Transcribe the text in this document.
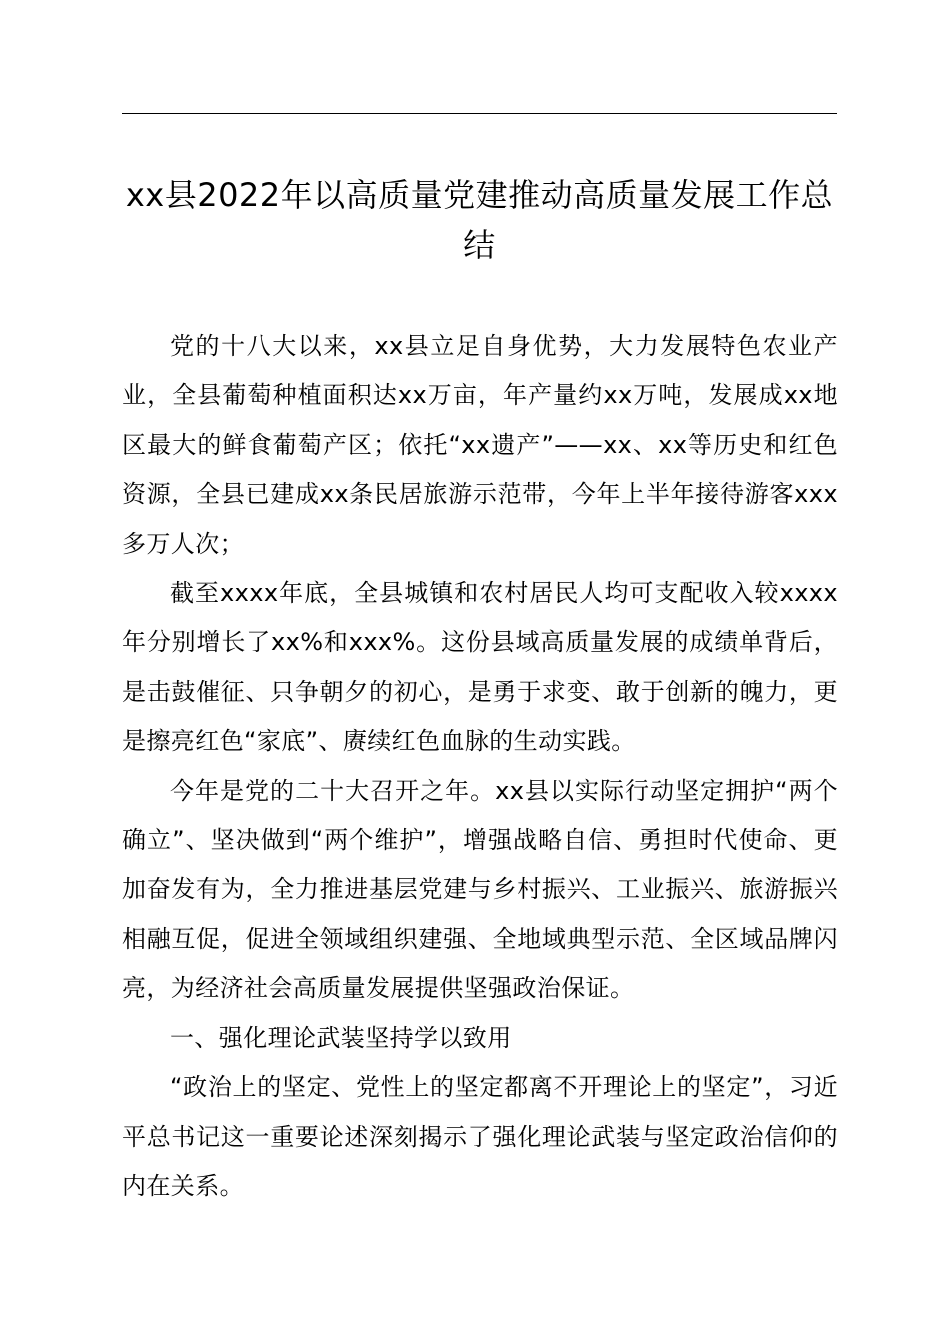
xx县2022年以高质量党建推动高质量发展工作总结

党的十八大以来，xx县立足自身优势，大力发展特色农业产业，全县葡萄种植面积达xx万亩，年产量约xx万吨，发展成xx地区最大的鲜食葡萄产区；依托“xx遗产”——xx、xx等历史和红色资源，全县已建成xx条民居旅游示范带，今年上半年接待游客xxx多万人次；

截至xxxx年底，全县城镇和农村居民人均可支配收入较xxxx年分别增长了xx%和xxx%。这份县域高质量发展的成绩单背后，是击鼓催征、只争朝夕的初心，是勇于求变、敢于创新的魄力，更是擦亮红色“家底”、赓续红色血脉的生动实践。

今年是党的二十大召开之年。xx县以实际行动坚定拥护“两个确立”、坚决做到“两个维护”，增强战略自信、勇担时代使命、更加奋发有为，全力推进基层党建与乡村振兴、工业振兴、旅游振兴相融互促，促进全领域组织建强、全地域典型示范、全区域品牌闪亮，为经济社会高质量发展提供坚强政治保证。

一、强化理论武装坚持学以致用

“政治上的坚定、党性上的坚定都离不开理论上的坚定”，习近平总书记这一重要论述深刻揭示了强化理论武装与坚定政治信仰的内在关系。
